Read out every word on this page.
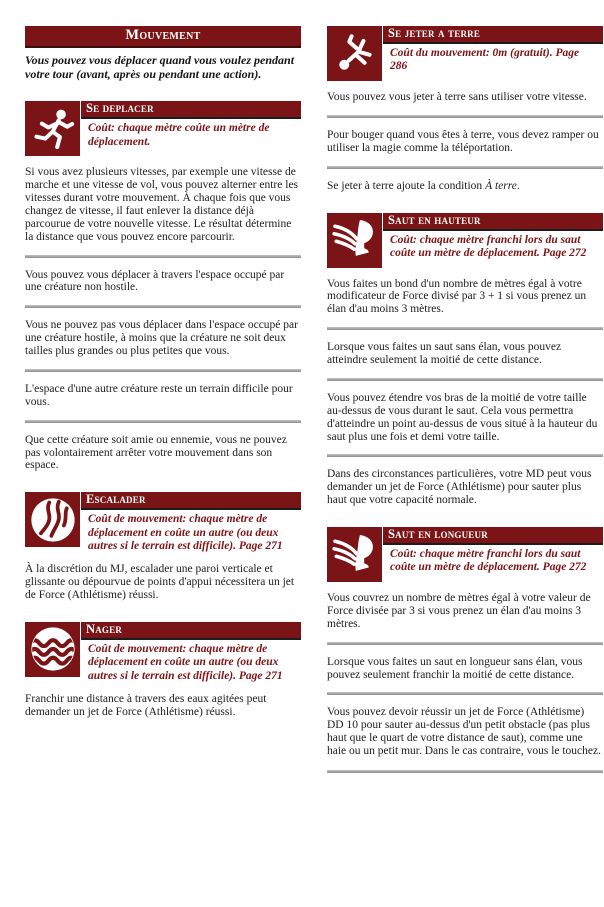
Mouvement

Vous pouvez vous déplacer quand vous voulez pendant votre tour (avant, après ou pendant une action).

Se deplacer
Coût: chaque mètre coûte un mètre de déplacement.

Si vous avez plusieurs vitesses, par exemple une vitesse de marche et une vitesse de vol, vous pouvez alterner entre les vitesses durant votre mouvement. À chaque fois que vous changez de vitesse, il faut enlever la distance déjà parcourue de votre nouvelle vitesse. Le résultat détermine la distance que vous pouvez encore parcourir.

Vous pouvez vous déplacer à travers l'espace occupé par une créature non hostile.

Vous ne pouvez pas vous déplacer dans l'espace occupé par une créature hostile, à moins que la créature ne soit deux tailles plus grandes ou plus petites que vous.

L'espace d'une autre créature reste un terrain difficile pour vous.

Que cette créature soit amie ou ennemie, vous ne pouvez pas volontairement arrêter votre mouvement dans son espace.

Escalader
Coût de mouvement: chaque mètre de déplacement en coûte un autre (ou deux autres si le terrain est difficile). Page 271

À la discrétion du MJ, escalader une paroi verticale et glissante ou dépourvue de points d'appui nécessitera un jet de Force (Athlétisme) réussi.

Nager
Coût de mouvement: chaque mètre de déplacement en coûte un autre (ou deux autres si le terrain est difficile). Page 271

Franchir une distance à travers des eaux agitées peut demander un jet de Force (Athlétisme) réussi.

Se jeter a terre
Coût du mouvement: 0m (gratuit). Page 286

Vous pouvez vous jeter à terre sans utiliser votre vitesse.

Pour bouger quand vous êtes à terre, vous devez ramper ou utiliser la magie comme la téléportation.

Se jeter à terre ajoute la condition À terre.

Saut en hauteur
Coût: chaque mètre franchi lors du saut coûte un mètre de déplacement. Page 272

Vous faites un bond d'un nombre de mètres égal à votre modificateur de Force divisé par 3 + 1 si vous prenez un élan d'au moins 3 mètres.

Lorsque vous faites un saut sans élan, vous pouvez atteindre seulement la moitié de cette distance.

Vous pouvez étendre vos bras de la moitié de votre taille au-dessus de vous durant le saut. Cela vous permettra d'atteindre un point au-dessus de vous situé à la hauteur du saut plus une fois et demi votre taille.

Dans des circonstances particulières, votre MD peut vous demander un jet de Force (Athlétisme) pour sauter plus haut que votre capacité normale.

Saut en longueur
Coût: chaque mètre franchi lors du saut coûte un mètre de déplacement. Page 272

Vous couvrez un nombre de mètres égal à votre valeur de Force divisée par 3 si vous prenez un élan d'au moins 3 mètres.

Lorsque vous faites un saut en longueur sans élan, vous pouvez seulement franchir la moitié de cette distance.

Vous pouvez devoir réussir un jet de Force (Athlétisme) DD 10 pour sauter au-dessus d'un petit obstacle (pas plus haut que le quart de votre distance de saut), comme une haie ou un petit mur. Dans le cas contraire, vous le touchez.
